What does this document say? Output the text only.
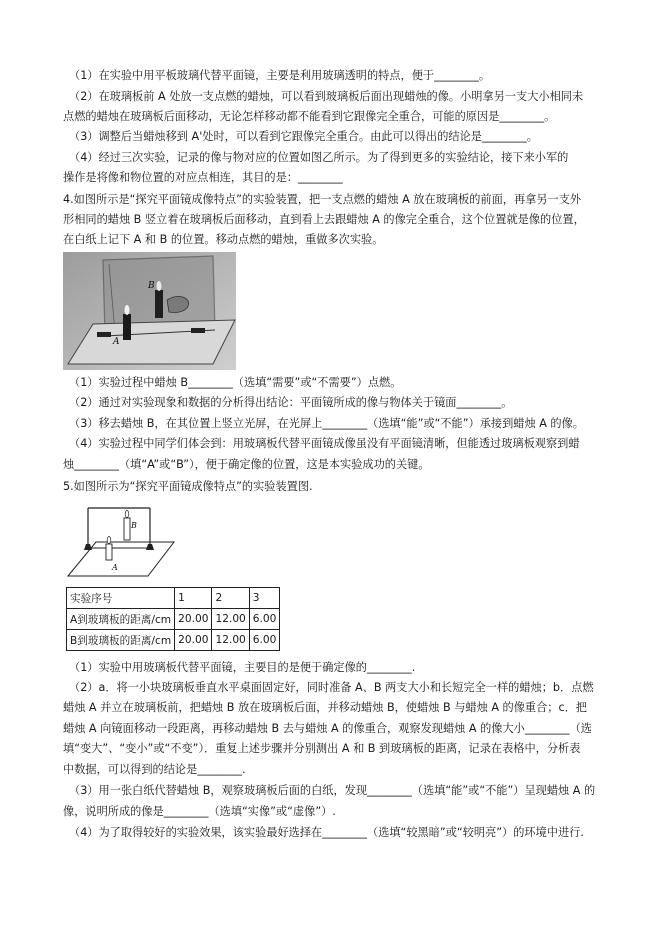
（1）在实验中用平板玻璃代替平面镜，主要是利用玻璃透明的特点，便于________。
（2）在玻璃板前 A 处放一支点燃的蜡烛，可以看到玻璃板后面出现蜡烛的像。小明拿另一支大小相同未
点燃的蜡烛在玻璃板后面移动，无论怎样移动都不能看到它跟像完全重合，可能的原因是________。
（3）调整后当蜡烛移到 A'处时，可以看到它跟像完全重合。由此可以得出的结论是________。
（4）经过三次实验，记录的像与物对应的位置如图乙所示。为了得到更多的实验结论，接下来小军的
操作是将像和物位置的对应点相连，其目的是：________
4.如图所示是“探究平面镜成像特点”的实验装置，把一支点燃的蜡烛 A 放在玻璃板的前面，再拿另一支外
形相同的蜡烛 B 竖立着在玻璃板后面移动，直到看上去跟蜡烛 A 的像完全重合，这个位置就是像的位置，
在白纸上记下 A 和 B 的位置。移动点燃的蜡烛，重做多次实验。
A
B
（1）实验过程中蜡烛 B________（选填“需要”或“不需要”）点燃。
（2）通过对实验现象和数据的分析得出结论：平面镜所成的像与物体关于镜面________。
（3）移去蜡烛 B，在其位置上竖立光屏，在光屏上________（选填“能”或“不能”）承接到蜡烛 A 的像。
（4）实验过程中同学们体会到：用玻璃板代替平面镜成像虽没有平面镜清晰，但能透过玻璃板观察到蜡
烛________（填“A”或“B”），便于确定像的位置，这是本实验成功的关键。
5.如图所示为“探究平面镜成像特点”的实验装置图.
B
A
实验序号	1	2	3
A到玻璃板的距离/cm	20.00	12.00	6.00
B到玻璃板的距离/cm	20.00	12.00	6.00
（1）实验中用玻璃板代替平面镜，主要目的是便于确定像的________.
（2）a．将一小块玻璃板垂直水平桌面固定好，同时准备 A、B 两支大小和长短完全一样的蜡烛；b．点燃
蜡烛 A 并立在玻璃板前，把蜡烛 B 放在玻璃板后面，并移动蜡烛 B，使蜡烛 B 与蜡烛 A 的像重合；c．把
蜡烛 A 向镜面移动一段距离，再移动蜡烛 B 去与蜡烛 A 的像重合，观察发现蜡烛 A 的像大小________（选
填“变大”、“变小”或“不变”）．重复上述步骤并分别测出 A 和 B 到玻璃板的距离，记录在表格中，分析表
中数据，可以得到的结论是________.
（3）用一张白纸代替蜡烛 B，观察玻璃板后面的白纸，发现________（选填“能”或“不能”）呈现蜡烛 A 的
像，说明所成的像是________（选填“实像”或“虚像”）.
（4）为了取得较好的实验效果，该实验最好选择在________（选填“较黑暗”或“较明亮”）的环境中进行.
